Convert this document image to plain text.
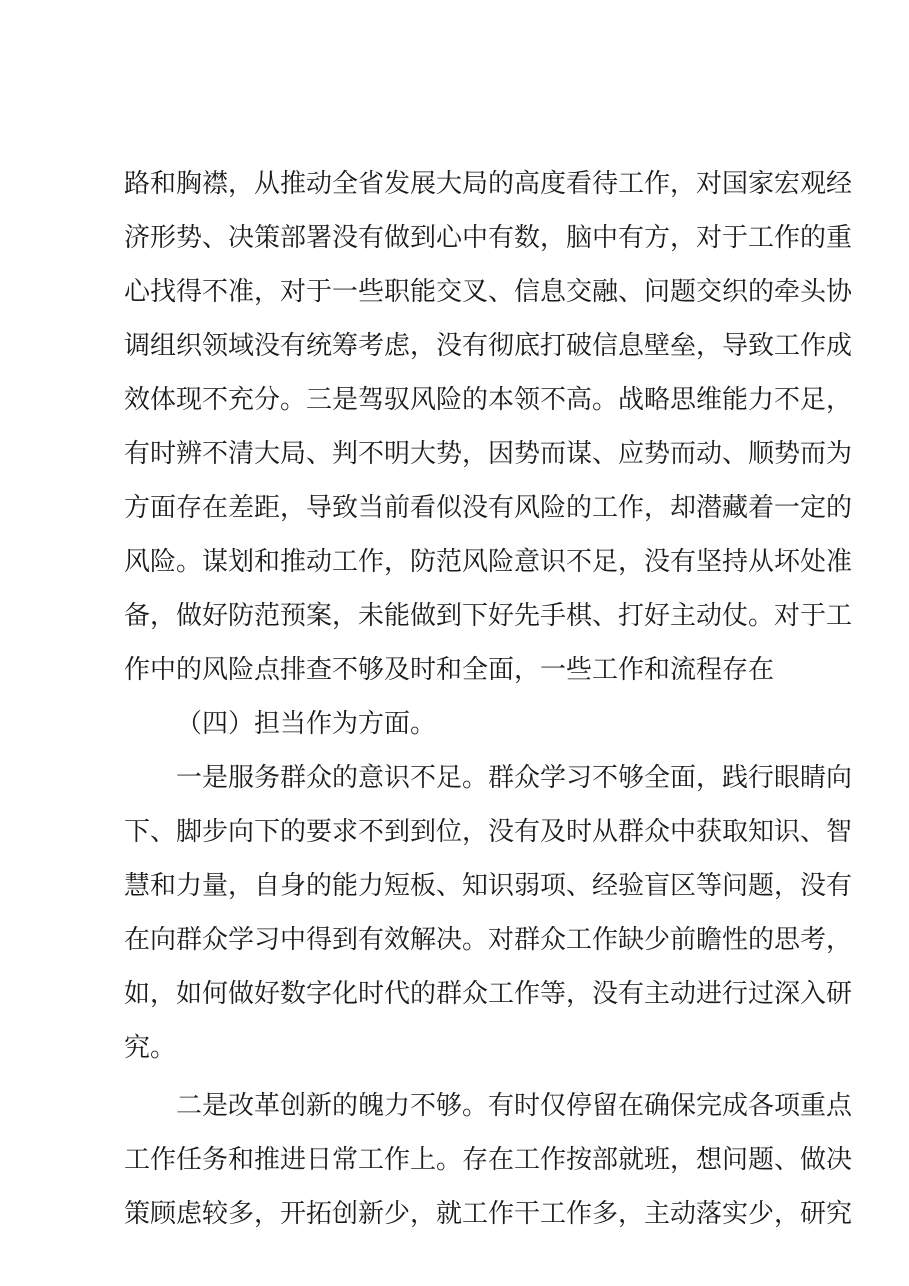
路和胸襟，从推动全省发展大局的高度看待工作，对国家宏观经
济形势、决策部署没有做到心中有数，脑中有方，对于工作的重
心找得不准，对于一些职能交叉、信息交融、问题交织的牵头协
调组织领域没有统筹考虑，没有彻底打破信息壁垒，导致工作成
效体现不充分。三是驾驭风险的本领不高。战略思维能力不足，
有时辨不清大局、判不明大势，因势而谋、应势而动、顺势而为
方面存在差距，导致当前看似没有风险的工作，却潜藏着一定的
风险。谋划和推动工作，防范风险意识不足，没有坚持从坏处准
备，做好防范预案，未能做到下好先手棋、打好主动仗。对于工
作中的风险点排查不够及时和全面，一些工作和流程存在
（四）担当作为方面。
一是服务群众的意识不足。群众学习不够全面，践行眼睛向
下、脚步向下的要求不到到位，没有及时从群众中获取知识、智
慧和力量，自身的能力短板、知识弱项、经验盲区等问题，没有
在向群众学习中得到有效解决。对群众工作缺少前瞻性的思考，
如，如何做好数字化时代的群众工作等，没有主动进行过深入研
究。
二是改革创新的魄力不够。有时仅停留在确保完成各项重点
工作任务和推进日常工作上。存在工作按部就班，想问题、做决
策顾虑较多，开拓创新少，就工作干工作多，主动落实少，研究
